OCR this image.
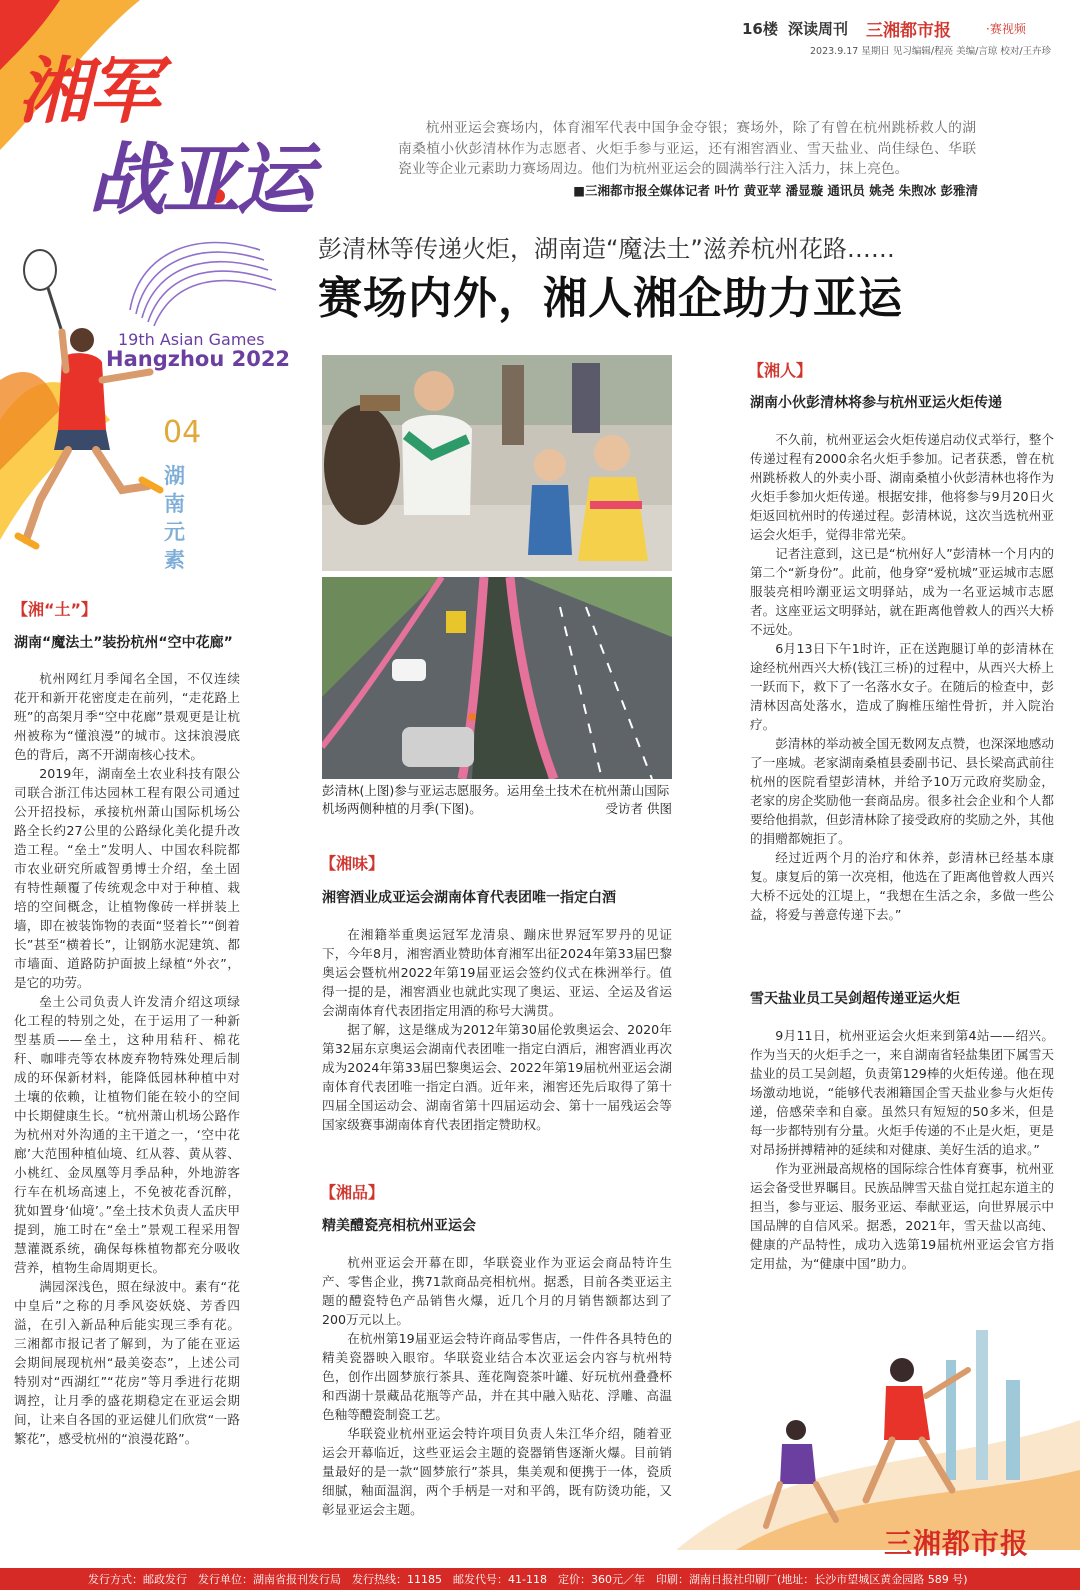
16楼 深读周刊 三湘都市报	·赛视频
2023.9.17 星期日 见习编辑/程亮 美编/言琼 校对/王卉珍
湘军
战亚运
19th Asian Games
Hangzhou 2022
04
湖南元素
杭州亚运会赛场内，体育湘军代表中国争金夺银；赛场外，除了有曾在杭州跳桥救人的湖南桑植小伙彭清林作为志愿者、火炬手参与亚运，还有湘窖酒业、雪天盐业、尚佳绿色、华联瓷业等企业元素助力赛场周边。他们为杭州亚运会的圆满举行注入活力，抹上亮色。
■三湘都市报全媒体记者 叶竹 黄亚苹 潘显璇 通讯员 姚尧 朱煦冰 彭雅清
彭清林等传递火炬，湖南造“魔法土”滋养杭州花路……
赛场内外，湘人湘企助力亚运
彭清林(上图)参与亚运志愿服务。运用垒土技术在杭州萧山国际机场两侧种植的月季(下图)。	受访者 供图
【湘“土”】
湖南“魔法土”装扮杭州“空中花廊”

杭州网红月季闻名全国，不仅连续花开和新开花密度走在前列，“走花路上班”的高架月季“空中花廊”景观更是让杭州被称为“懂浪漫”的城市。这抹浪漫底色的背后，离不开湖南核心技术。

2019年，湖南垒土农业科技有限公司联合浙江伟达园林工程有限公司通过公开招投标，承接杭州萧山国际机场公路全长约27公里的公路绿化美化提升改造工程。“垒土”发明人、中国农科院都市农业研究所戚智勇博士介绍，垒土固有特性颠覆了传统观念中对于种植、栽培的空间概念，让植物像砖一样拼装上墙，即在被装饰物的表面“竖着长”“倒着长”甚至“横着长”，让钢筋水泥建筑、都市墙面、道路防护面披上绿植“外衣”，是它的功劳。

垒土公司负责人许发清介绍这项绿化工程的特别之处，在于运用了一种新型基质——垒土，这种用秸秆、棉花秆、咖啡壳等农林废弃物特殊处理后制成的环保新材料，能降低园林种植中对土壤的依赖，让植物们能在较小的空间中长期健康生长。“杭州萧山机场公路作为杭州对外沟通的主干道之一，‘空中花廊’大范围种植仙境、红从蓉、黄从蓉、小桃红、金凤凰等月季品种，外地游客行车在机场高速上，不免被花香沉醉，犹如置身‘仙境’。”垒土技术负责人孟庆甲提到，施工时在“垒土”景观工程采用智慧灌溉系统，确保每株植物都充分吸收营养，植物生命周期更长。

满园深浅色，照在绿波中。素有“花中皇后”之称的月季风姿妖娆、芳香四溢，在引入新品种后能实现三季有花。三湘都市报记者了解到，为了能在亚运会期间展现杭州“最美姿态”，上述公司特别对“西湖红”“花房”等月季进行花期调控，让月季的盛花期稳定在亚运会期间，让来自各国的亚运健儿们欣赏“一路繁花”，感受杭州的“浪漫花路”。

【湘味】
湘窖酒业成亚运会湖南体育代表团唯一指定白酒

在湘籍举重奥运冠军龙清泉、蹦床世界冠军罗丹的见证下，今年8月，湘窖酒业赞助体育湘军出征2024年第33届巴黎奥运会暨杭州2022年第19届亚运会签约仪式在株洲举行。值得一提的是，湘窖酒业也就此实现了奥运、亚运、全运及省运会湖南体育代表团指定用酒的称号大满贯。

据了解，这是继成为2012年第30届伦敦奥运会、2020年第32届东京奥运会湖南代表团唯一指定白酒后，湘窖酒业再次成为2024年第33届巴黎奥运会、2022年第19届杭州亚运会湖南体育代表团唯一指定白酒。近年来，湘窖还先后取得了第十四届全国运动会、湖南省第十四届运动会、第十一届残运会等国家级赛事湖南体育代表团指定赞助权。

【湘品】
精美醴瓷亮相杭州亚运会

杭州亚运会开幕在即，华联瓷业作为亚运会商品特许生产、零售企业，携71款商品亮相杭州。据悉，目前各类亚运主题的醴瓷特色产品销售火爆，近几个月的月销售额都达到了200万元以上。

在杭州第19届亚运会特许商品零售店，一件件各具特色的精美瓷器映入眼帘。华联瓷业结合本次亚运会内容与杭州特色，创作出圆梦旅行茶具、莲花陶瓷茶叶罐、好玩杭州叠叠杯和西湖十景藏品花瓶等产品，并在其中融入贴花、浮雕、高温色釉等醴瓷制瓷工艺。

华联瓷业杭州亚运会特许项目负责人朱江华介绍，随着亚运会开幕临近，这些亚运会主题的瓷器销售逐渐火爆。目前销量最好的是一款“圆梦旅行”茶具，集美观和便携于一体，瓷质细腻，釉面温润，两个手柄是一对和平鸽，既有防烫功能，又彰显亚运会主题。

【湘人】
湖南小伙彭清林将参与杭州亚运火炬传递

不久前，杭州亚运会火炬传递启动仪式举行，整个传递过程有2000余名火炬手参加。记者获悉，曾在杭州跳桥救人的外卖小哥、湖南桑植小伙彭清林也将作为火炬手参加火炬传递。根据安排，他将参与9月20日火炬返回杭州时的传递过程。彭清林说，这次当选杭州亚运会火炬手，觉得非常光荣。

记者注意到，这已是“杭州好人”彭清林一个月内的第二个“新身份”。此前，他身穿“爱杭城”亚运城市志愿服装亮相吟潮亚运文明驿站，成为一名亚运城市志愿者。这座亚运文明驿站，就在距离他曾救人的西兴大桥不远处。

6月13日下午1时许，正在送跑腿订单的彭清林在途经杭州西兴大桥(钱江三桥)的过程中，从西兴大桥上一跃而下，救下了一名落水女子。在随后的检查中，彭清林因高处落水，造成了胸椎压缩性骨折，并入院治疗。

彭清林的举动被全国无数网友点赞，也深深地感动了一座城。老家湖南桑植县委副书记、县长梁高武前往杭州的医院看望彭清林，并给予10万元政府奖励金，老家的房企奖励他一套商品房。很多社会企业和个人都要给他捐款，但彭清林除了接受政府的奖励之外，其他的捐赠都婉拒了。

经过近两个月的治疗和休养，彭清林已经基本康复。康复后的第一次亮相，他选在了距离他曾救人西兴大桥不远处的江堤上，“我想在生活之余，多做一些公益，将爱与善意传递下去。”

雪天盐业员工吴剑超传递亚运火炬

9月11日，杭州亚运会火炬来到第4站——绍兴。作为当天的火炬手之一，来自湖南省轻盐集团下属雪天盐业的员工吴剑超，负责第129棒的火炬传递。他在现场激动地说，“能够代表湘籍国企雪天盐业参与火炬传递，倍感荣幸和自豪。虽然只有短短的50多米，但是每一步都特别有分量。火炬手传递的不止是火炬，更是对昂扬拼搏精神的延续和对健康、美好生活的追求。”

作为亚洲最高规格的国际综合性体育赛事，杭州亚运会备受世界瞩目。民族品牌雪天盐自觉扛起东道主的担当，参与亚运、服务亚运、奉献亚运，向世界展示中国品牌的自信风采。据悉，2021年，雪天盐以高纯、健康的产品特性，成功入选第19届杭州亚运会官方指定用盐，为“健康中国”助力。

三湘都市报
发行方式：邮政发行　发行单位：湖南省报刊发行局　发行热线：11185　邮发代号：41-118　定价：360元／年　印刷：湖南日报社印刷厂(地址：长沙市望城区黄金园路 589 号)
